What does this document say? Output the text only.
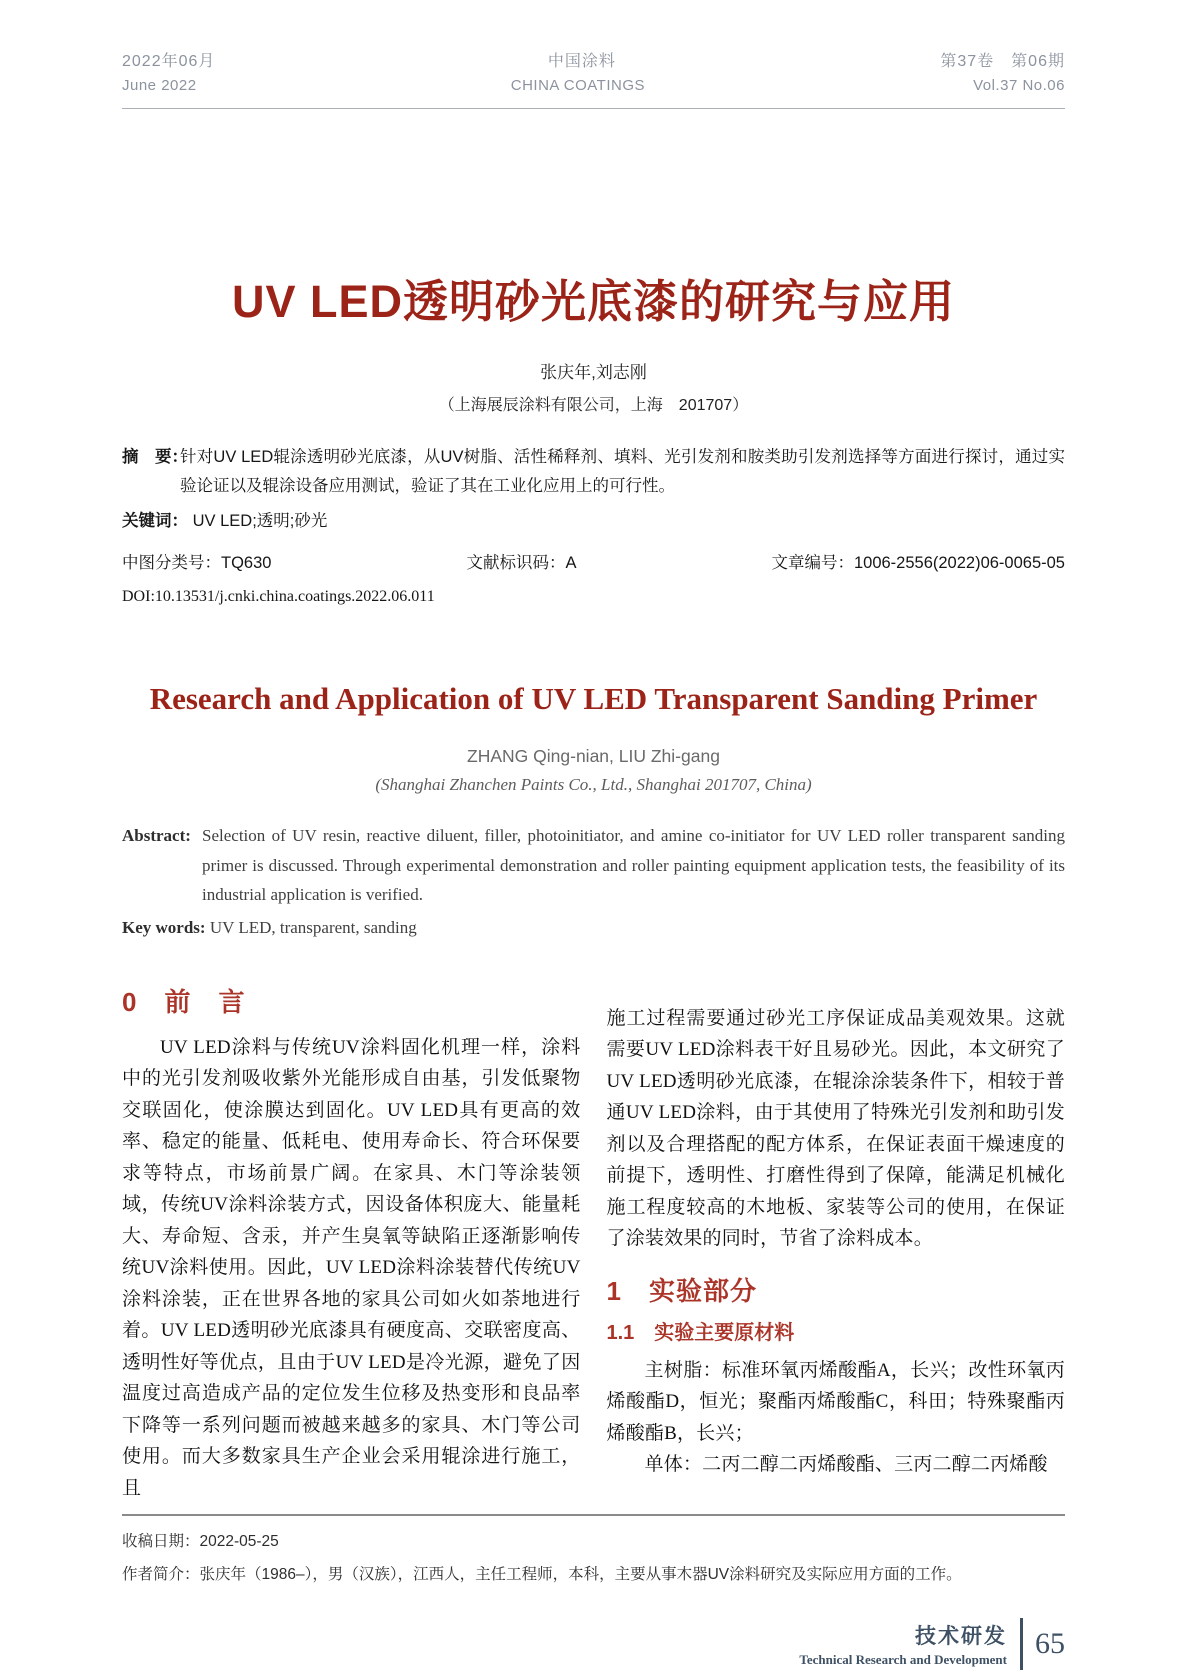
2022年06月
June 2022
中国涂料
CHINA COATINGS
第37卷　第06期
Vol.37 No.06
UV LED透明砂光底漆的研究与应用
张庆年,刘志刚
（上海展辰涂料有限公司，上海　201707）

摘　要：
针对UV LED辊涂透明砂光底漆，从UV树脂、活性稀释剂、填料、光引发剂和胺类助引发剂选择等方面进行探讨，通过实验论证以及辊涂设备应用测试，验证了其在工业化应用上的可行性。

关键词： UV LED;透明;砂光

中图分类号：TQ630	文献标识码：A	文章编号：1006-2556(2022)06-0065-05
DOI:10.13531/j.cnki.china.coatings.2022.06.011
Research and Application of UV LED Transparent Sanding Primer
ZHANG Qing-nian, LIU Zhi-gang
(Shanghai Zhanchen Paints Co., Ltd., Shanghai 201707, China)

Abstract: Selection of UV resin, reactive diluent, filler, photoinitiator, and amine co-initiator for UV LED roller transparent sanding primer is discussed. Through experimental demonstration and roller painting equipment application tests, the feasibility of its industrial application is verified.

Key words: UV LED, transparent, sanding

0　前　言

UV LED涂料与传统UV涂料固化机理一样，涂料中的光引发剂吸收紫外光能形成自由基，引发低聚物交联固化，使涂膜达到固化。UV LED具有更高的效率、稳定的能量、低耗电、使用寿命长、符合环保要求等特点，市场前景广阔。在家具、木门等涂装领域，传统UV涂料涂装方式，因设备体积庞大、能量耗大、寿命短、含汞，并产生臭氧等缺陷正逐渐影响传统UV涂料使用。因此，UV LED涂料涂装替代传统UV涂料涂装，正在世界各地的家具公司如火如荼地进行着。UV LED透明砂光底漆具有硬度高、交联密度高、透明性好等优点，且由于UV LED是冷光源，避免了因温度过高造成产品的定位发生位移及热变形和良品率下降等一系列问题而被越来越多的家具、木门等公司使用。而大多数家具生产企业会采用辊涂进行施工，且

施工过程需要通过砂光工序保证成品美观效果。这就需要UV LED涂料表干好且易砂光。因此，本文研究了UV LED透明砂光底漆，在辊涂涂装条件下，相较于普通UV LED涂料，由于其使用了特殊光引发剂和助引发剂以及合理搭配的配方体系，在保证表面干燥速度的前提下，透明性、打磨性得到了保障，能满足机械化施工程度较高的木地板、家装等公司的使用，在保证了涂装效果的同时，节省了涂料成本。

1　实验部分
1.1　实验主要原材料

主树脂：标准环氧丙烯酸酯A，长兴；改性环氧丙烯酸酯D，恒光；聚酯丙烯酸酯C，科田；特殊聚酯丙烯酸酯B，长兴；

单体：二丙二醇二丙烯酸酯、三丙二醇二丙烯酸

收稿日期：2022-05-25
作者简介：张庆年（1986–），男（汉族），江西人，主任工程师，本科，主要从事木器UV涂料研究及实际应用方面的工作。
技术研发
Technical Research and Development 65
